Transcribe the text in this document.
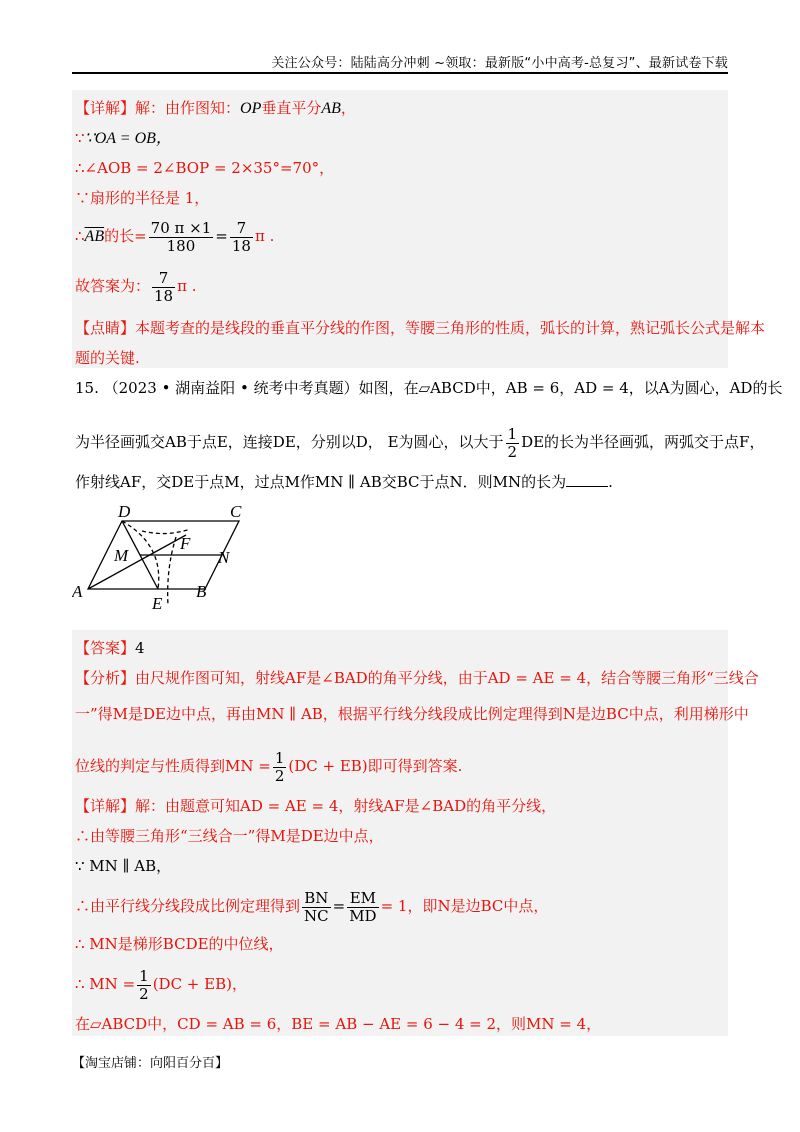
关注公众号：陆陆高分冲刺 ~领取：最新版“小中高考-总复习”、最新试卷下载
【详解】解：由作图知：OP垂直平分AB，
∵∵OA = OB，
∴∠AOB = 2∠BOP = 2×35°=70°，
∵扇形的半径是 1，
$\therefore\overline{AB}$的长= $\frac{70 \pi \times 1}{180} = \frac{7}{18}$ π .
故答案为： $\frac{7}{18}$ π .
【点睛】本题考查的是线段的垂直平分线的作图，等腰三角形的性质，弧长的计算，熟记弧长公式是解本
题的关键.
15. （2023 • 湖南益阳 • 统考中考真题）如图，在▱ABCD中，AB = 6，AD = 4，以A为圆心，AD的长
为半径画弧交AB于点E，连接DE，分别以D， E为圆心，以大于 $\frac{1}{2}$ DE的长为半径画弧，两弧交于点F，
作射线AF，交DE于点M，过点M作MN ∥ AB交BC于点N．则MN的长为	.
D	C
F
M	N
A
E
B
【答案】4
【分析】由尺规作图可知，射线AF是∠BAD的角平分线，由于AD = AE = 4，结合等腰三角形“三线合
一”得M是DE边中点，再由MN ∥ AB，根据平行线分线段成比例定理得到N是边BC中点，利用梯形中
位线的判定与性质得到MN = $\frac{1}{2} (DC + EB)$即可得到答案.
【详解】解：由题意可知AD = AE = 4，射线AF是∠BAD的角平分线，
∴由等腰三角形“三线合一”得M是DE边中点，
∵ MN ∥ AB，
∴由平行线分线段成比例定理得到 $\frac{BN}{NC} = \frac{EM}{MD} = 1$，即N是边BC中点，
∴ MN是梯形BCDE的中位线，
∴ MN = $\frac{1}{2} (DC + EB)$，
在▱ABCD中，CD = AB = 6，BE = AB − AE = 6 − 4 = 2，则MN = 4，
【淘宝店铺：向阳百分百】
